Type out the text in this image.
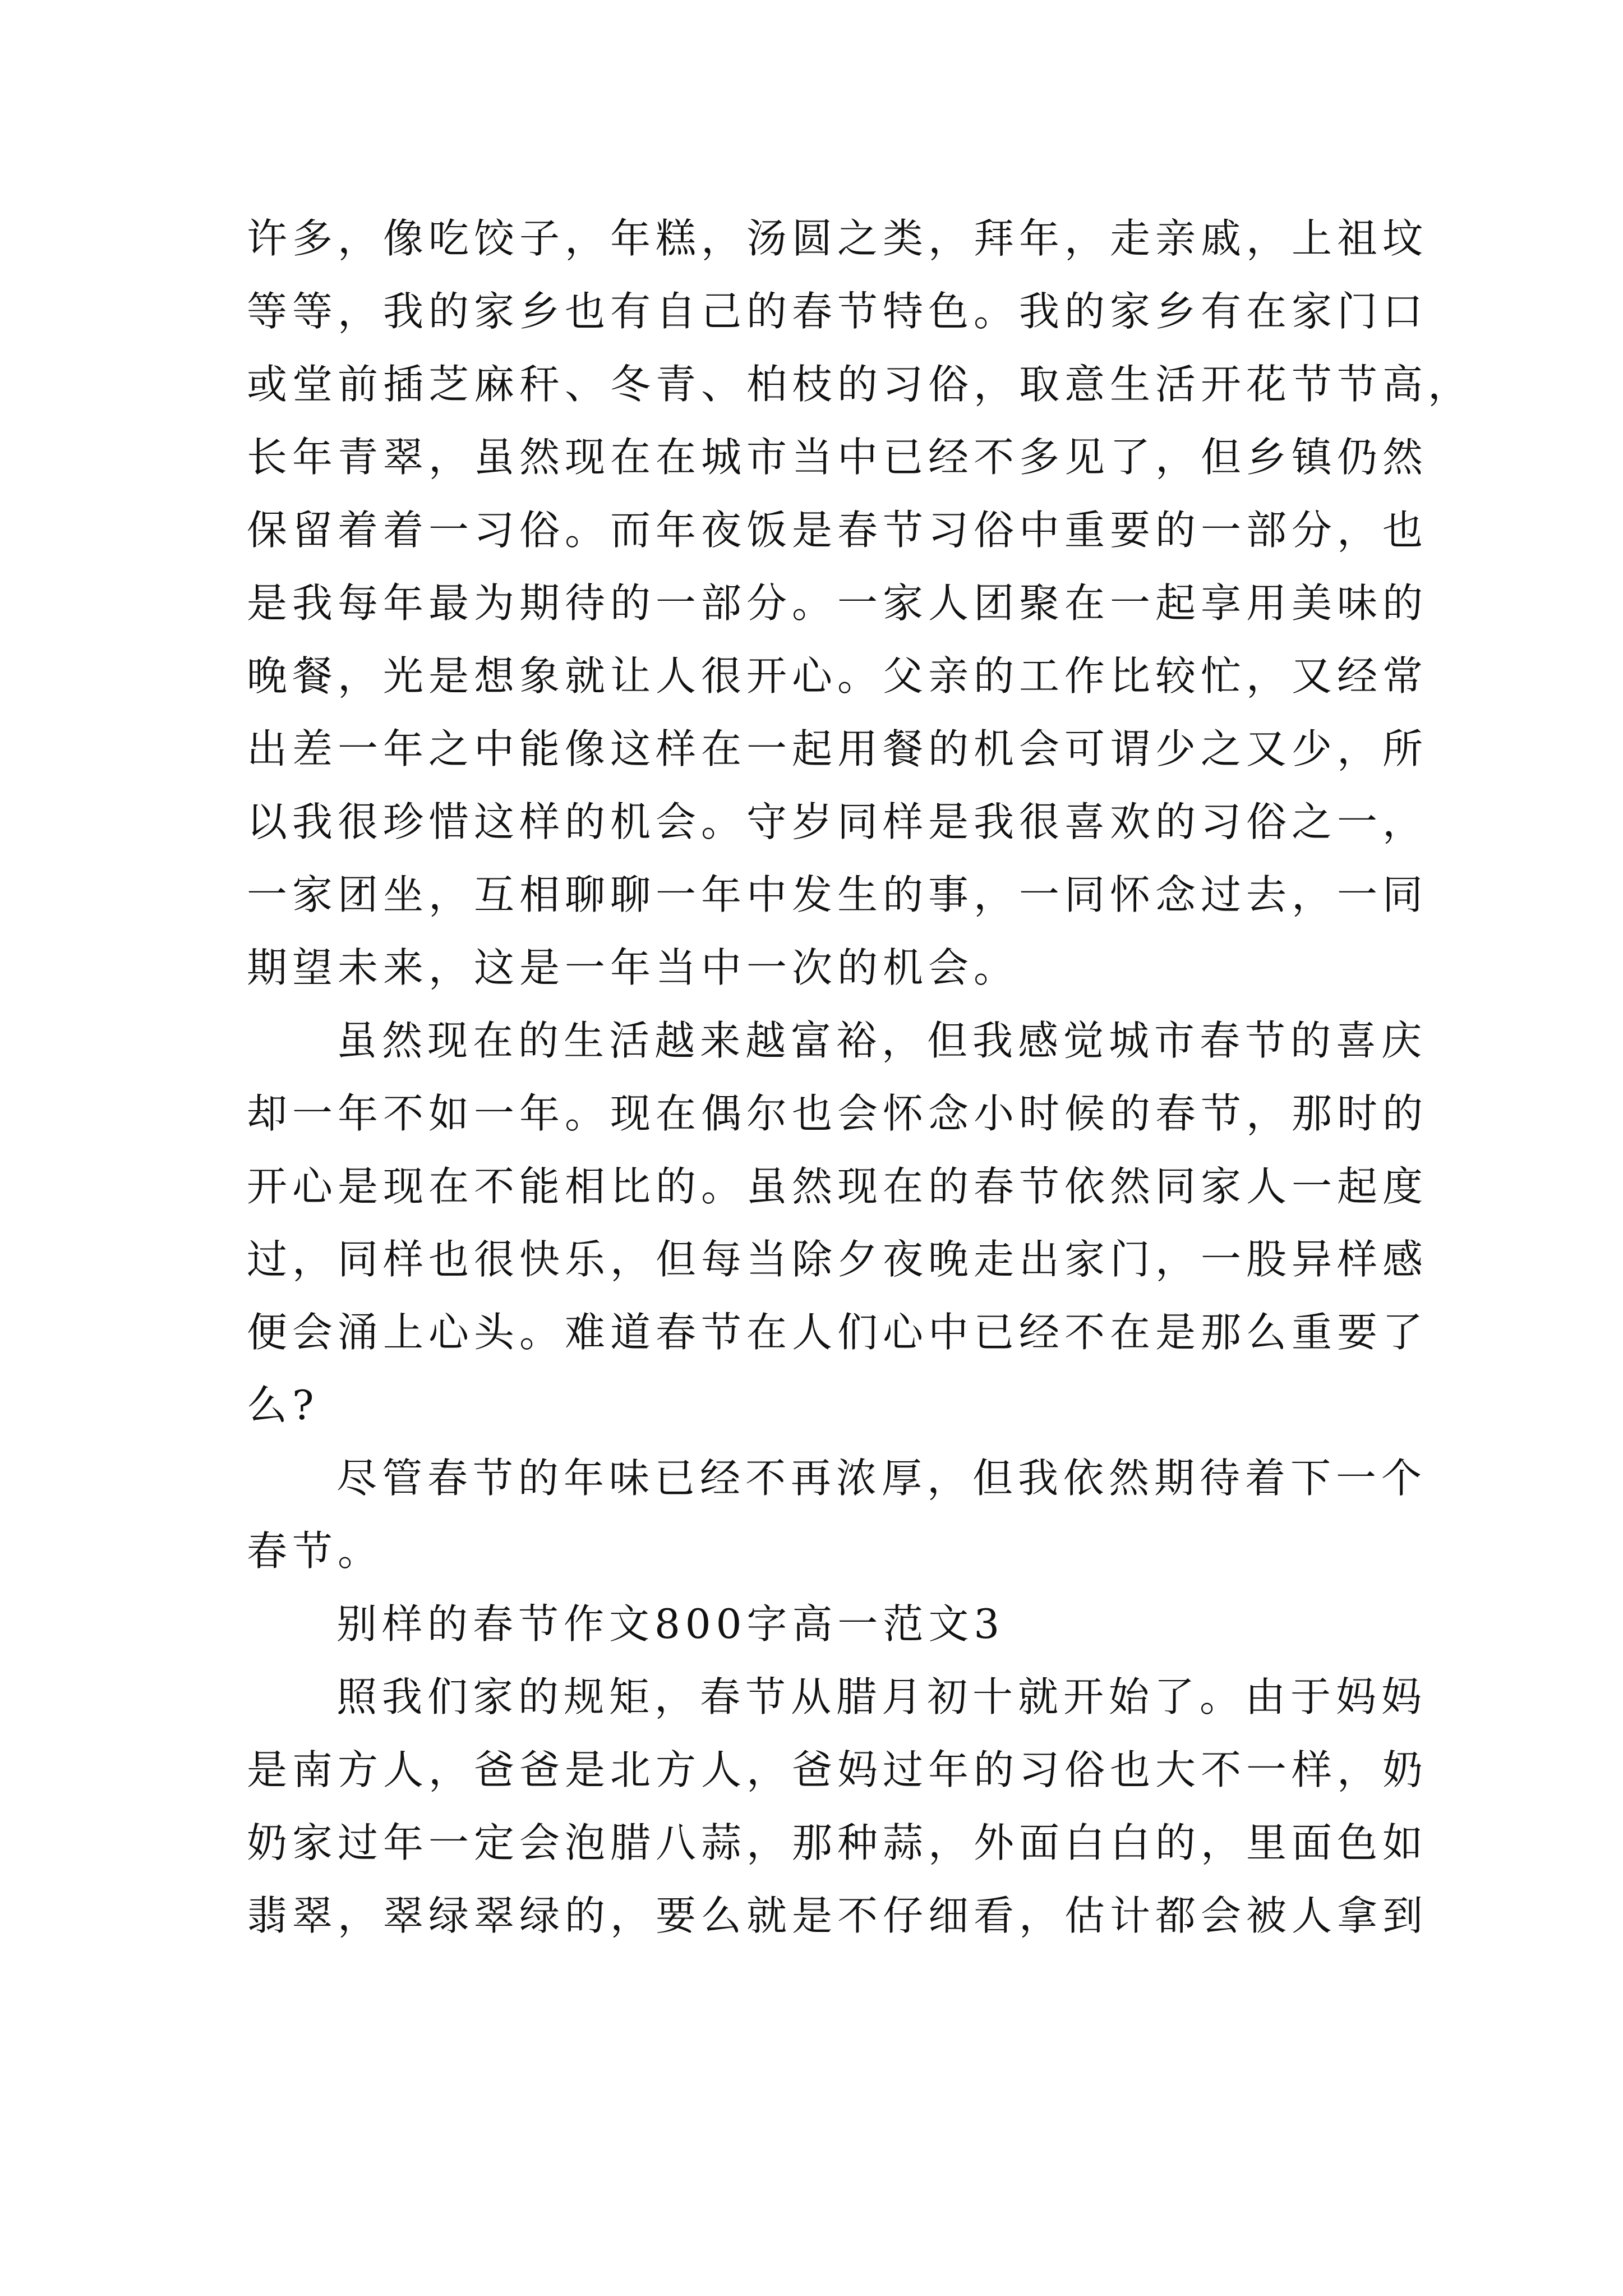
许多，像吃饺子，年糕，汤圆之类，拜年，走亲戚，上祖坟
等等，我的家乡也有自己的春节特色。我的家乡有在家门口
或堂前插芝麻秆、冬青、柏枝的习俗，取意生活开花节节高，
长年青翠，虽然现在在城市当中已经不多见了，但乡镇仍然
保留着着一习俗。而年夜饭是春节习俗中重要的一部分，也
是我每年最为期待的一部分。一家人团聚在一起享用美味的
晚餐，光是想象就让人很开心。父亲的工作比较忙，又经常
出差一年之中能像这样在一起用餐的机会可谓少之又少，所
以我很珍惜这样的机会。守岁同样是我很喜欢的习俗之一，
一家团坐，互相聊聊一年中发生的事，一同怀念过去，一同
期望未来，这是一年当中一次的机会。
虽然现在的生活越来越富裕，但我感觉城市春节的喜庆
却一年不如一年。现在偶尔也会怀念小时候的春节，那时的
开心是现在不能相比的。虽然现在的春节依然同家人一起度
过，同样也很快乐，但每当除夕夜晚走出家门，一股异样感
便会涌上心头。难道春节在人们心中已经不在是那么重要了
么?
尽管春节的年味已经不再浓厚，但我依然期待着下一个
春节。
别样的春节作文800字高一范文3
照我们家的规矩，春节从腊月初十就开始了。由于妈妈
是南方人，爸爸是北方人，爸妈过年的习俗也大不一样，奶
奶家过年一定会泡腊八蒜，那种蒜，外面白白的，里面色如
翡翠，翠绿翠绿的，要么就是不仔细看，估计都会被人拿到
